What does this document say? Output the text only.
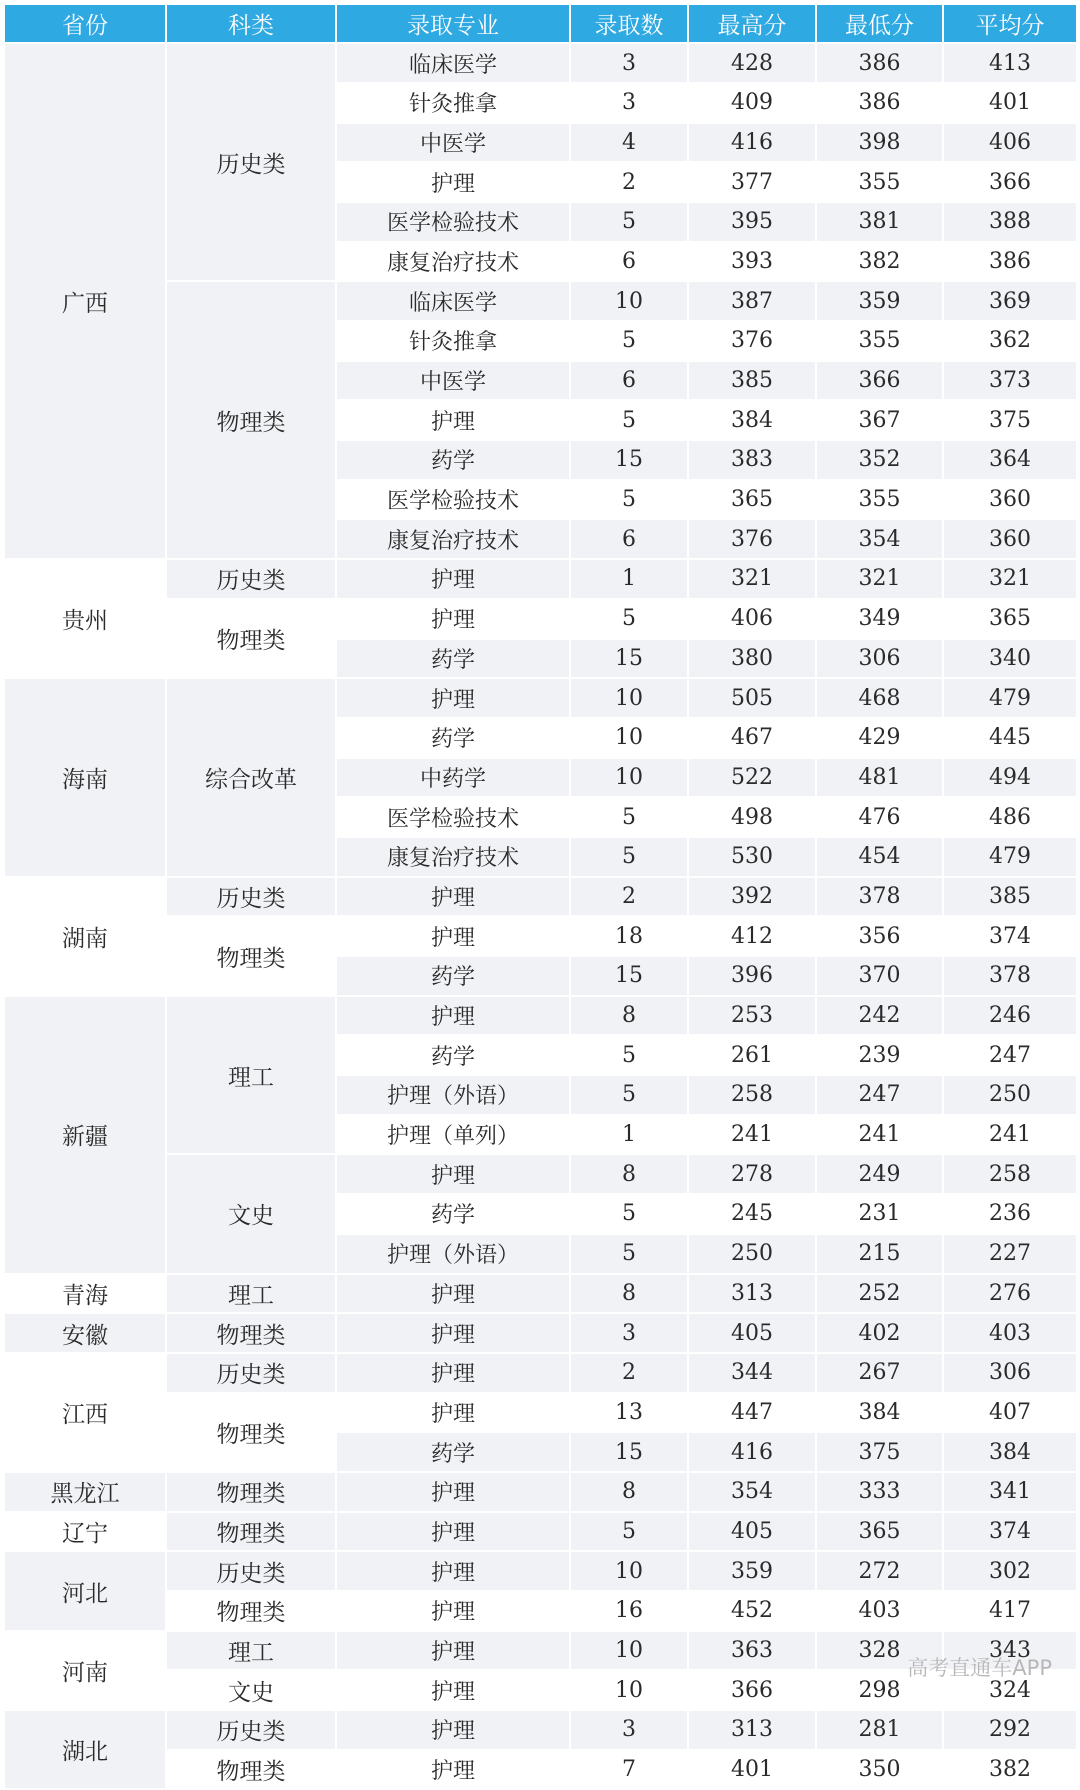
省份	科类	录取专业	录取数	最高分	最低分	平均分
广西	历史类	临床医学	3	428	386	413
		针灸推拿	3	409	386	401
		中医学	4	416	398	406
		护理	2	377	355	366
		医学检验技术	5	395	381	388
		康复治疗技术	6	393	382	386
	物理类	临床医学	10	387	359	369
		针灸推拿	5	376	355	362
		中医学	6	385	366	373
		护理	5	384	367	375
		药学	15	383	352	364
		医学检验技术	5	365	355	360
		康复治疗技术	6	376	354	360
贵州	历史类	护理	1	321	321	321
	物理类	护理	5	406	349	365
		药学	15	380	306	340
海南	综合改革	护理	10	505	468	479
		药学	10	467	429	445
		中药学	10	522	481	494
		医学检验技术	5	498	476	486
		康复治疗技术	5	530	454	479
湖南	历史类	护理	2	392	378	385
	物理类	护理	18	412	356	374
		药学	15	396	370	378
新疆	理工	护理	8	253	242	246
		药学	5	261	239	247
		护理（外语）	5	258	247	250
		护理（单列）	1	241	241	241
	文史	护理	8	278	249	258
		药学	5	245	231	236
		护理（外语）	5	250	215	227
青海	理工	护理	8	313	252	276
安徽	物理类	护理	3	405	402	403
江西	历史类	护理	2	344	267	306
	物理类	护理	13	447	384	407
		药学	15	416	375	384
黑龙江	物理类	护理	8	354	333	341
辽宁	物理类	护理	5	405	365	374
河北	历史类	护理	10	359	272	302
	物理类	护理	16	452	403	417
河南	理工	护理	10	363	328	343
	文史	护理	10	366	298	324
湖北	历史类	护理	3	313	281	292
	物理类	护理	7	401	350	382
高考直通车APP
